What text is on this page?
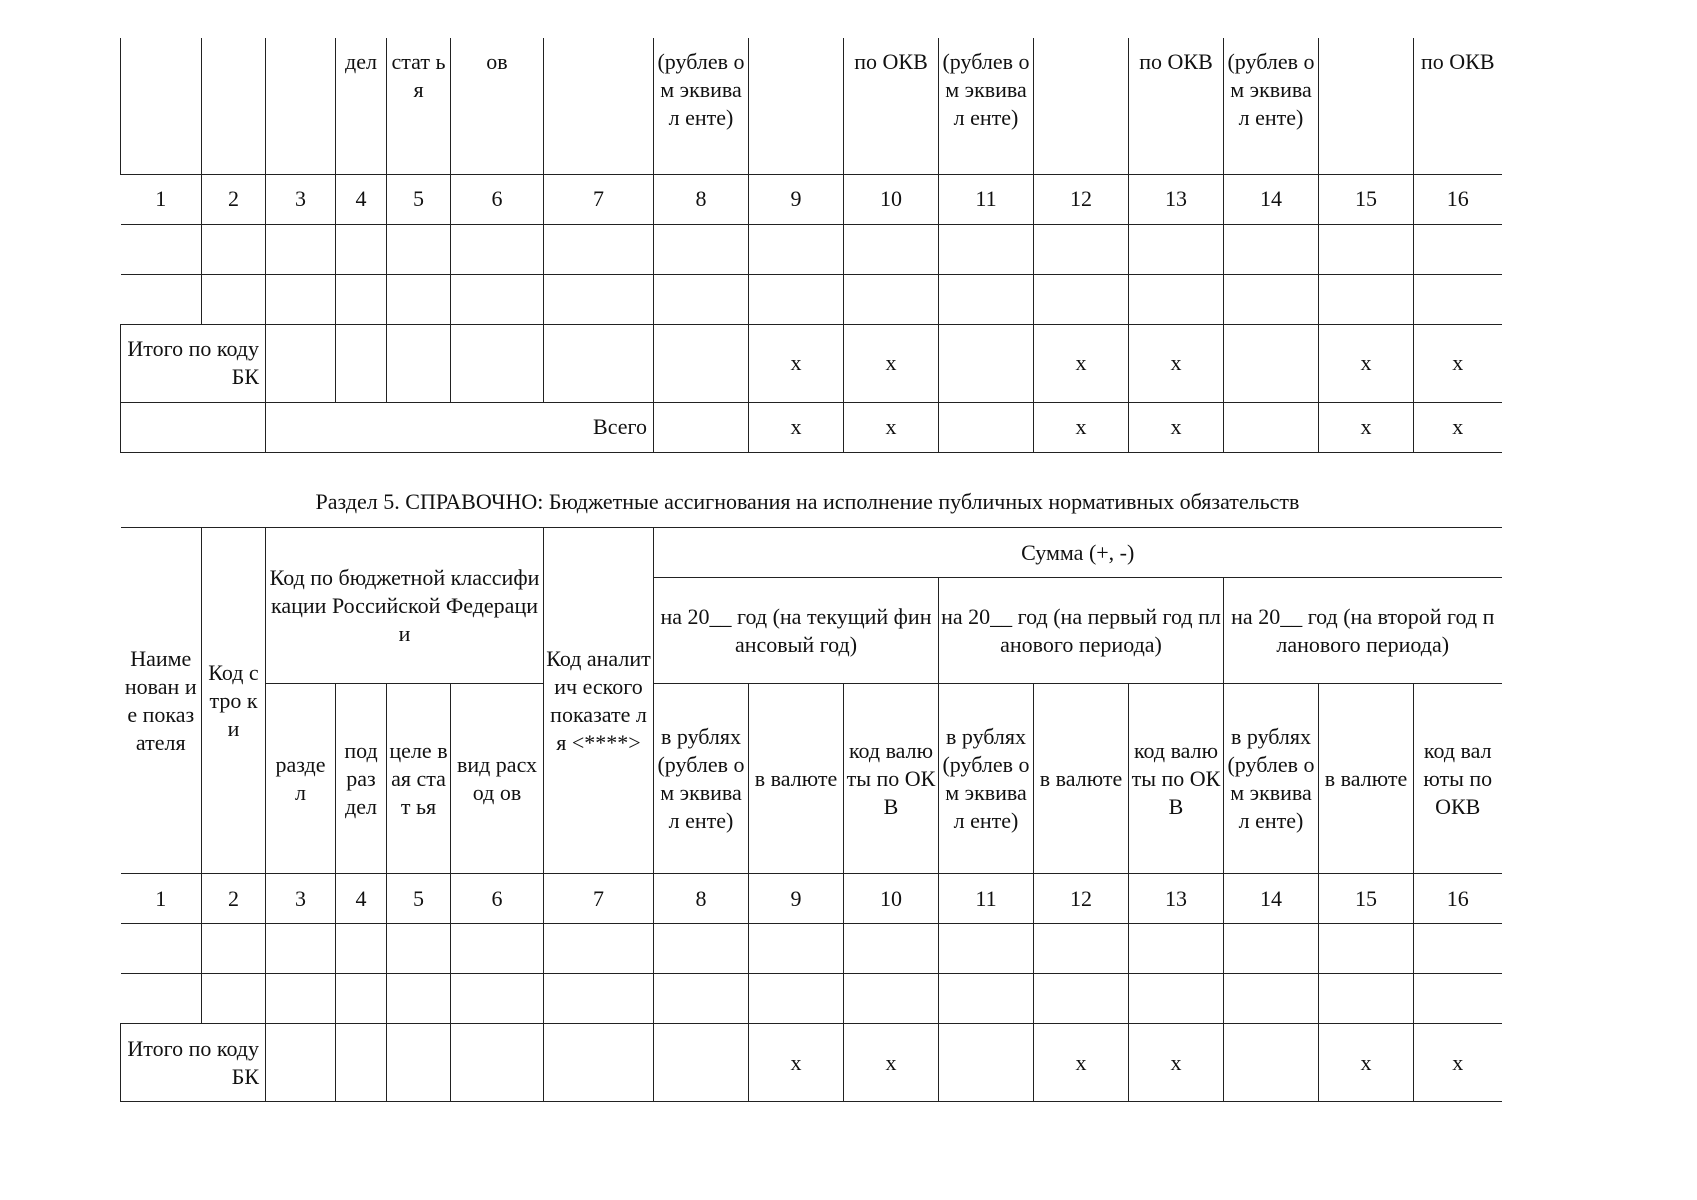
			дел	стат ья	ов		(рублев ом эквивал енте)		по ОКВ	(рублев ом эквивал енте)		по ОКВ	(рублев ом эквивал енте)		по ОКВ
1	2	3	4	5	6	7	8	9	10	11	12	13	14	15	16

Итого по коду БК								x	x		x	x		x	x
		Всего						x	x		x	x		x	x
Раздел 5. СПРАВОЧНО: Бюджетные ассигнования на исполнение публичных нормативных обязательств
Наиме нован ие показ ателя	Код стро ки	Код по бюджетной классификации Российской Федерации				Код аналитич еского показате ля <****>	Сумма (+, -)								
							на 20__ год (на текущий финансовый год)			на 20__ год (на первый год планового периода)			на 20__ год (на второй год планового периода)		
		разде л	под раз дел	целе вая стат ья	вид расход ов		в рублях (рублев ом эквивал енте)	в валюте	код валюты по ОКВ	в рублях (рублев ом эквивал енте)	в валюте	код валюты по ОКВ	в рублях (рублев ом эквивал енте)	в валюте	код валюты по ОКВ
1	2	3	4	5	6	7	8	9	10	11	12	13	14	15	16

Итого по коду БК								x	x		x	x		x	x
